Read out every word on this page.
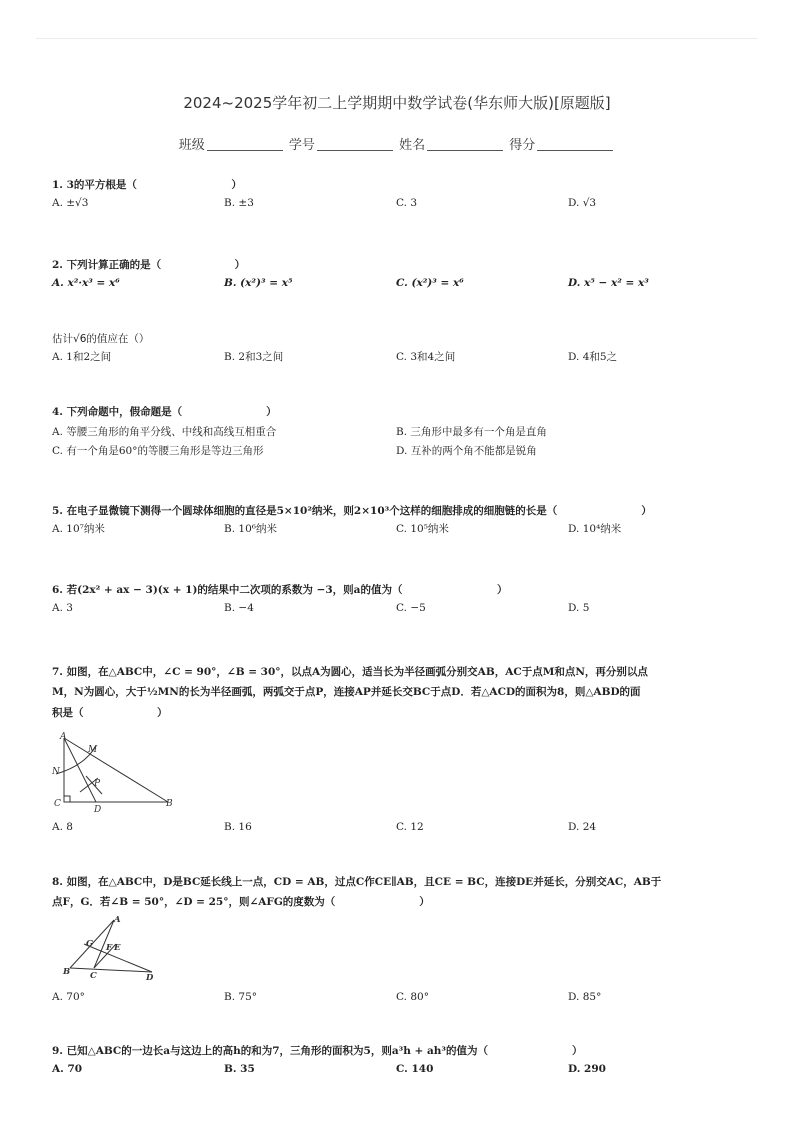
2024~2025学年初二上学期期中数学试卷(华东师大版)[原题版]
班级	学号	姓名	得分
1. 3的平方根是（　　　　　　　　　）
A. ±√3	B. ±3	C. 3	D. √3
2. 下列计算正确的是（　　　　　　　）
A. x²·x³ = x⁶	B. (x²)³ = x⁵	C. (x²)³ = x⁶	D. x⁵ − x² = x³
估计√6的值应在（）
A. 1和2之间	B. 2和3之间	C. 3和4之间	D. 4和5之
4. 下列命题中，假命题是（　　　　　　　　）
A. 等腰三角形的角平分线、中线和高线互相重合	B. 三角形中最多有一个角是直角
C. 有一个角是60°的等腰三角形是等边三角形	D. 互补的两个角不能都是锐角
5. 在电子显微镜下测得一个圆球体细胞的直径是5×10²纳米，则2×10³个这样的细胞排成的细胞链的长是（　　　　　　　　）
A. 10⁷纳米	B. 10⁶纳米	C. 10⁵纳米	D. 10⁴纳米
6. 若(2x² + ax − 3)(x + 1)的结果中二次项的系数为 −3，则a的值为（　　　　　　　　　）
A. 3	B. −4	C. −5	D. 5
7. 如图，在△ABC中，∠C = 90°，∠B = 30°，以点A为圆心，适当长为半径画弧分别交AB，AC于点M和点N，再分别以点
M，N为圆心，大于½MN的长为半径画弧，两弧交于点P，连接AP并延长交BC于点D．若△ACD的面积为8，则△ABD的面
积是（　　　　　　　）
A
M
N
P
C
D
B
A. 8	B. 16	C. 12	D. 24
8. 如图，在△ABC中，D是BC延长线上一点，CD = AB，过点C作CE∥AB，且CE = BC，连接DE并延长，分别交AC，AB于
点F，G．若∠B = 50°，∠D = 25°，则∠AFG的度数为（　　　　　　　　）
A
G F E
B C	D
A. 70°	B. 75°	C. 80°	D. 85°
9. 已知△ABC的一边长a与这边上的高h的和为7，三角形的面积为5，则a³h + ah³的值为（　　　　　　　　）
A. 70	B. 35	C. 140	D. 290
